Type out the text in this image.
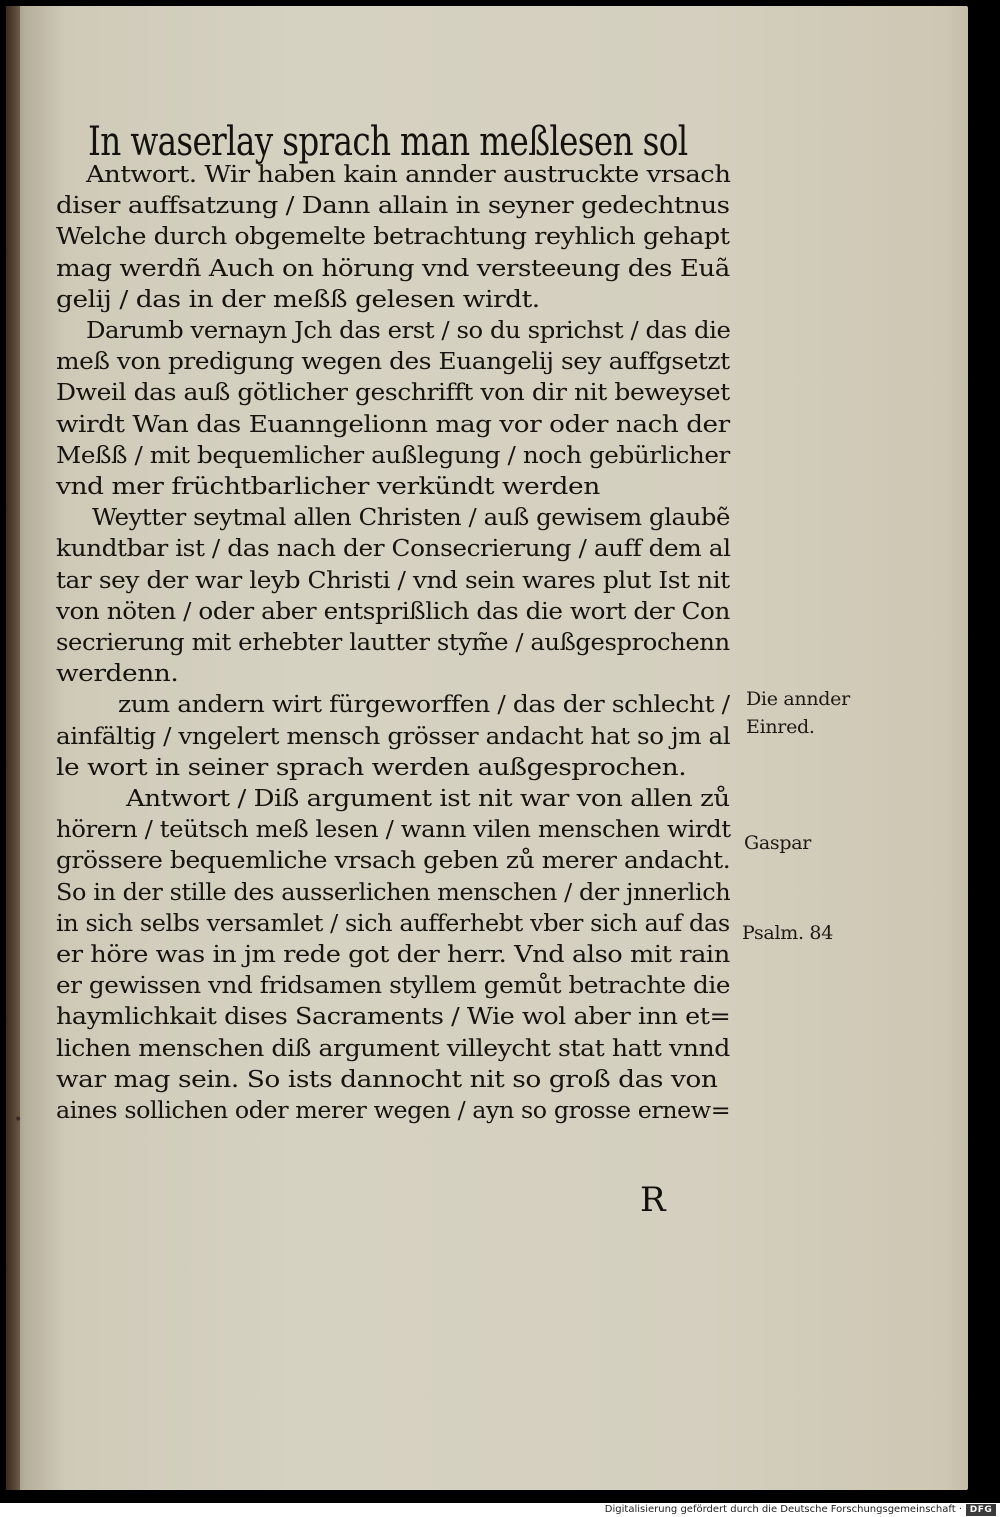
In waserlay sprach man meßlesen sol
Antwort. Wir haben kain annder austruckte vrsach
diser auffsatzung / Dann allain in seyner gedechtnus
Welche durch obgemelte betrachtung reyhlich gehapt
mag werdñ Auch on hörung vnd versteeung des Euã
gelij / das in der meßß gelesen wirdt.
Darumb vernayn Jch das erst / so du sprichst / das die
meß von predigung wegen des Euangelij sey auffgsetzt
Dweil das auß götlicher geschrifft von dir nit beweyset
wirdt Wan das Euanngelionn mag vor oder nach der
Meßß / mit bequemlicher außlegung / noch gebürlicher
vnd mer früchtbarlicher verkündt werden
Weytter seytmal allen Christen / auß gewisem glaubẽ
kundtbar ist / das nach der Consecrierung / auff dem al
tar sey der war leyb Christi / vnd sein wares plut Ist nit
von nöten / oder aber entsprißlich das die wort der Con
secrierung mit erhebter lautter stym̃e / außgesprochenn
werdenn.
zum andern wirt fürgeworffen / das der schlecht /
ainfältig / vngelert mensch grösser andacht hat so jm al
le wort in seiner sprach werden außgesprochen.
Antwort / Diß argument ist nit war von allen zů
hörern / teütsch meß lesen / wann vilen menschen wirdt
grössere bequemliche vrsach geben zů merer andacht.
So in der stille des ausserlichen menschen / der jnnerlich
in sich selbs versamlet / sich aufferhebt vber sich auf das
er höre was in jm rede got der herr. Vnd also mit rain
er gewissen vnd fridsamen styllem gemůt betrachte die
haymlichkait dises Sacraments / Wie wol aber inn et=
lichen menschen diß argument villeycht stat hatt vnnd
war mag sein. So ists dannocht nit so groß das von
aines sollichen oder merer wegen / ayn so grosse ernew=
Die annder
Einred.
Gaspar
Psalm. 84
R
•
Digitalisierung gefördert durch die Deutsche Forschungsgemeinschaft · DFG
